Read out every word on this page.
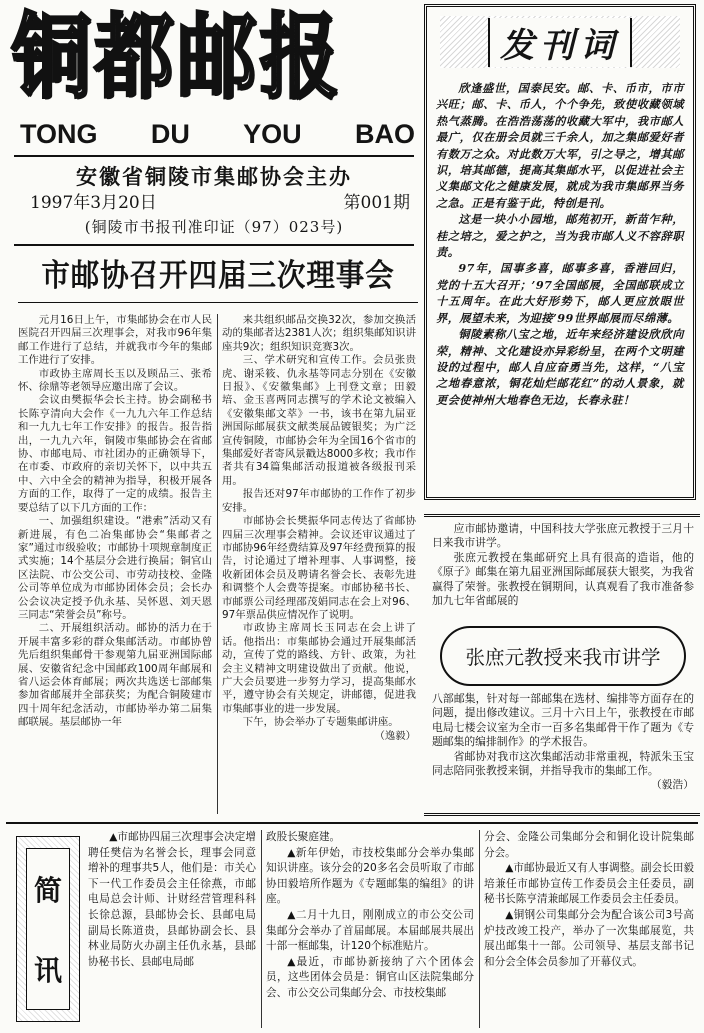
铜都邮报
TONG DU YOU BAO
安徽省铜陵市集邮协会主办
1997年3月20日	第001期
(铜陵市书报刊准印证（97）023号)
市邮协召开四届三次理事会

元月16日上午，市集邮协会在市人民医院召开四届三次理事会，对我市96年集邮工作进行了总结，并就我市今年的集邮工作进行了安排。

市政协主席周长玉以及顾品三、张希怀、徐鼎等老领导应邀出席了会议。

会议由樊振华会长主持。协会副秘书长陈亨清向大会作《一九九六年工作总结和一九九七年工作安排》的报告。报告指出，一九九六年，铜陵市集邮协会在省邮协、市邮电局、市社团办的正确领导下，在市委、市政府的亲切关怀下，以中共五中、六中全会的精神为指导，积极开展各方面的工作，取得了一定的成绩。报告主要总结了以下几方面的工作：

一、加强组织建设。“港索”活动又有新进展，有色二冶集邮协会“集邮者之家”通过市级验收；市邮协十项规章制度正式实施；14个基层分会进行换届；铜官山区法院、市公交公司、市劳动技校、金隆公司等单位成为市邮协团体会员；会长办公会议决定授予仇永基、吴怀恩、刘天恩三同志“荣誉会员”称号。

二、开展组织活动。邮协的活力在于开展丰富多彩的群众集邮活动。市邮协曾先后组织集邮骨干参观第九届亚洲国际邮展、安徽省纪念中国邮政100周年邮展和省八运会体育邮展；两次共选送七部邮集参加省邮展并全部获奖；为配合铜陵建市四十周年纪念活动，市邮协举办第二届集邮联展。基层邮协一年

来共组织邮品交换32次，参加交换活动的集邮者达2381人次；组织集邮知识讲座共9次；组织知识竞赛3次。

三、学术研究和宣传工作。会员张贵虎、谢采筱、仇永基等同志分别在《安徽日报》、《安徽集邮》上刊登文章；田毅培、金玉喜两同志撰写的学术论文被编入《安徽集邮文萃》一书，该书在第九届亚洲国际邮展获文献类展品镀银奖；为广泛宣传铜陵，市邮协会年为全国16个省市的集邮爱好者寄风景戳达8000多枚；我市作者共有34篇集邮活动报道被各级报刊采用。

报告还对97年市邮协的工作作了初步安排。

市邮协会长樊振华同志传达了省邮协四届三次理事会精神。会议还审议通过了市邮协96年经费结算及97年经费预算的报告，讨论通过了增补理事、人事调整，接收新团体会员及聘请名誉会长、表彰先进和调整个人会费等提案。市邮协秘书长、市邮票公司经理邵茂娟同志在会上对96、97年票品供应情况作了说明。

市政协主席周长玉同志在会上讲了话。他指出：市集邮协会通过开展集邮活动，宣传了党的路线、方针、政策，为社会主义精神文明建设做出了贡献。他说，广大会员要进一步努力学习，提高集邮水平，遵守协会有关规定，讲邮德，促进我市集邮事业的进一步发展。

下午，协会举办了专题集邮讲座。

（逸毅）

发刊词

欣逢盛世，国泰民安。邮、卡、币市，市市兴旺；邮、卡、币人，个个争先，致使收藏领域热气蒸腾。在浩浩荡荡的收藏大军中，我市邮人最广，仅在册会员就三千余人，加之集邮爱好者有数万之众。对此数万大军，引之导之，增其邮识，培其邮德，提高其集邮水平，以促进社会主义集邮文化之健康发展，就成为我市集邮界当务之急。正是有鉴于此，特创是刊。

这是一块小小园地，邮苑初开，新苗乍种，桂之培之，爱之护之，当为我市邮人义不容辞职责。

97年，国事多喜，邮事多喜，香港回归，党的十五大召开；’97全国邮展，全国邮联成立十五周年。在此大好形势下，邮人更应放眼世界，展望未来，为迎接’99世界邮展而尽绵薄。

铜陵素称八宝之地，近年来经济建设欣欣向荣，精神、文化建设亦异彩纷呈，在两个文明建设的过程中，邮人自应奋勇当先，这样，“八宝之地春意浓，铜花灿烂邮花红”的动人景象，就更会使神州大地春色无边，长春永驻！

应市邮协邀请，中国科技大学张庶元教授于三月十日来我市讲学。

张庶元教授在集邮研究上具有很高的造诣，他的《原子》邮集在第九届亚洲国际邮展获大银奖，为我省赢得了荣誉。张教授在铜期间，认真观看了我市准备参加九七年省邮展的

张庶元教授来我市讲学

八部邮集，针对每一部邮集在选材、编排等方面存在的问题，提出修改建议。三月十六日上午，张教授在市邮电局七楼会议室为全市一百多名集邮骨干作了题为《专题邮集的编排制作》的学术报告。

省邮协对我市这次集邮活动非常重视，特派朱玉宝同志陪同张教授来铜，并指导我市的集邮工作。

（毅浩）

简
讯

▲市邮协四届三次理事会决定增聘任樊信为名誉会长，理事会同意增补的理事共5人，他们是：市关心下一代工作委员会主任徐燕，市邮电局总会计师、计财经营管理科科长徐总源，县邮协会长、县邮电局副局长陈道贵，县邮协副会长、县林业局防火办副主任仇永基，县邮协秘书长、县邮电局邮

政股长聚庭建。

▲新年伊始，市技校集邮分会举办集邮知识讲座。该分会的20多名会员听取了市邮协田毅培所作题为《专题邮集的编组》的讲座。

▲二月十九日，刚刚成立的市公交公司集邮分会举办了首届邮展。本届邮展共展出十部一框邮集，计120个标准贴片。

▲最近，市邮协新接纳了六个团体会员，这些团体会员是：铜官山区法院集邮分会、市公交公司集邮分会、市技校集邮

分会、金隆公司集邮分会和铜化设计院集邮分会。

▲市邮协最近又有人事调整。副会长田毅培兼任市邮协宣传工作委员会主任委员，副秘书长陈亨清兼邮展工作委员会主任委员。

▲铜钢公司集邮分会为配合该公司3号高炉技改竣工投产，举办了一次集邮展览，共展出邮集十一部。公司领导、基层支部书记和分会全体会员参加了开幕仪式。
